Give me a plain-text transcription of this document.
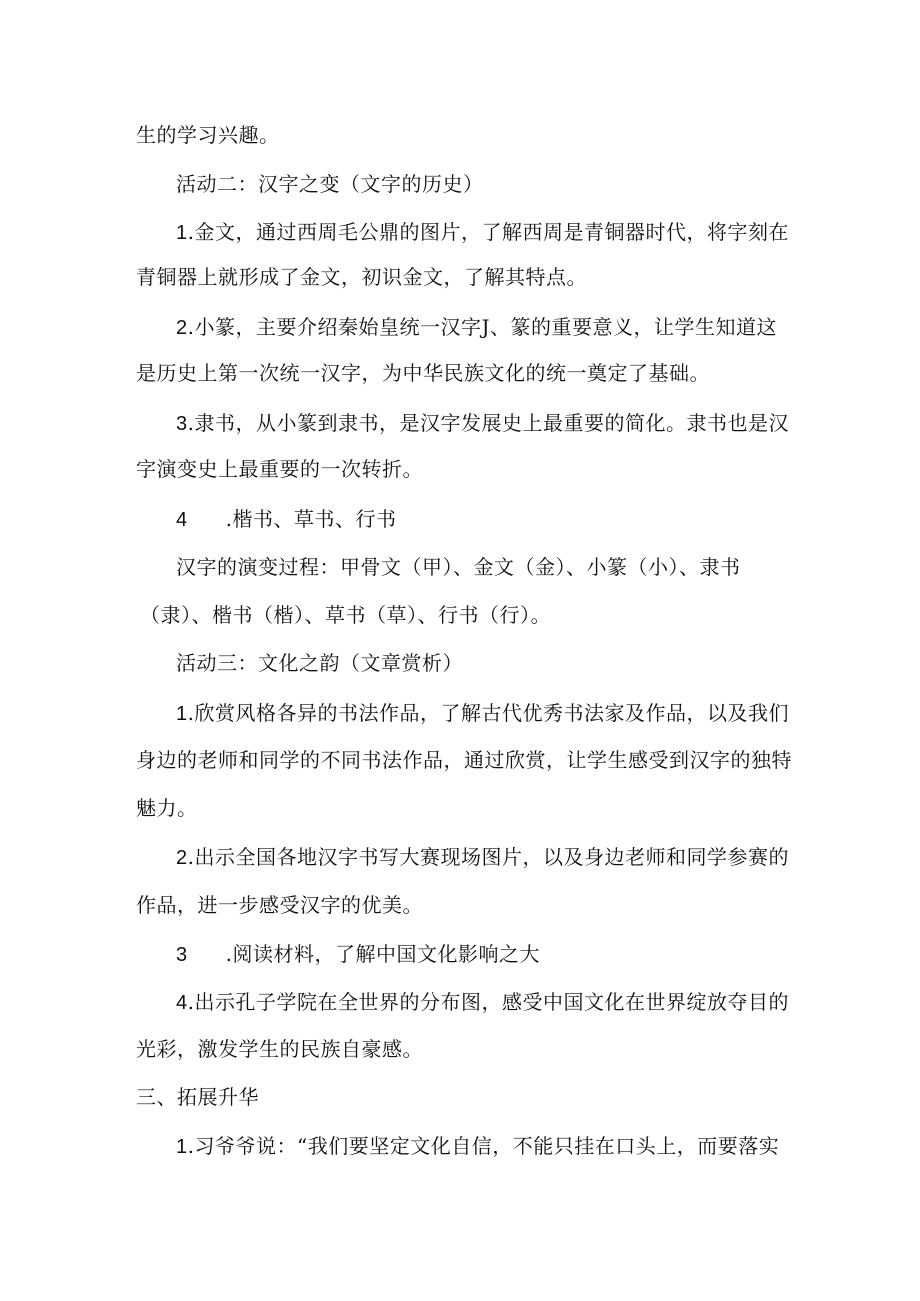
生的学习兴趣。
活动二：汉字之变（文字的历史）
1.金文，通过西周毛公鼎的图片，了解西周是青铜器时代，将字刻在
青铜器上就形成了金文，初识金文，了解其特点。
2.小篆，主要介绍秦始皇统一汉字J、篆的重要意义，让学生知道这
是历史上第一次统一汉字，为中华民族文化的统一奠定了基础。
3.隶书，从小篆到隶书，是汉字发展史上最重要的简化。隶书也是汉
字演变史上最重要的一次转折。
4 .楷书、草书、行书
汉字的演变过程：甲骨文（甲）、金文（金）、小篆（小）、隶书
（隶）、楷书（楷）、草书（草）、行书（行）。
活动三：文化之韵（文章赏析）
1.欣赏风格各异的书法作品，了解古代优秀书法家及作品，以及我们
身边的老师和同学的不同书法作品，通过欣赏，让学生感受到汉字的独特
魅力。
2.出示全国各地汉字书写大赛现场图片，以及身边老师和同学参赛的
作品，进一步感受汉字的优美。
3 .阅读材料，了解中国文化影响之大
4.出示孔子学院在全世界的分布图，感受中国文化在世界绽放夺目的
光彩，激发学生的民族自豪感。
三、拓展升华
1.习爷爷说：“我们要坚定文化自信，不能只挂在口头上，而要落实
